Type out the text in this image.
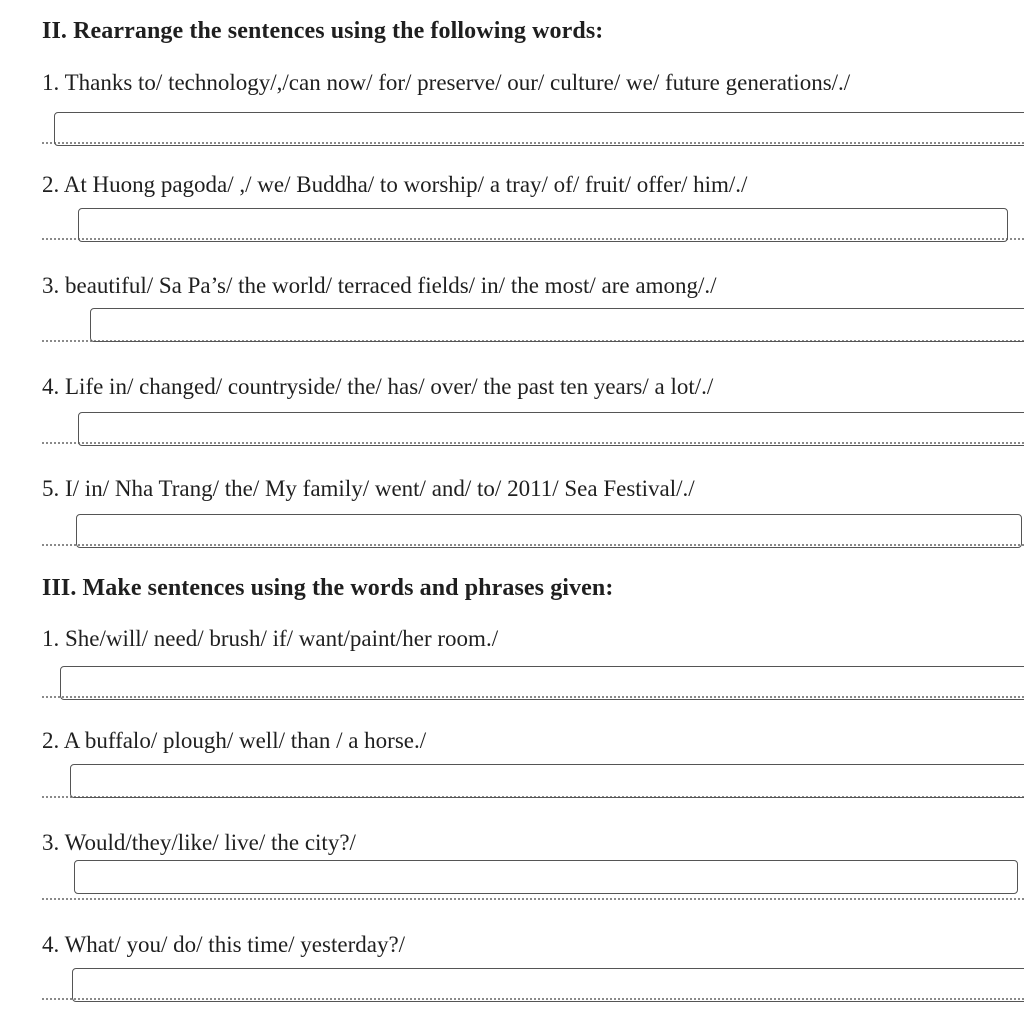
II. Rearrange the sentences using the following words:
1. Thanks to/ technology/,/can now/ for/ preserve/ our/ culture/ we/ future generations/./
2. At Huong pagoda/ ,/ we/ Buddha/ to worship/ a tray/ of/ fruit/ offer/ him/./
3. beautiful/ Sa Pa’s/ the world/ terraced fields/ in/ the most/ are among/./
4. Life in/ changed/ countryside/ the/ has/ over/ the past ten years/ a lot/./
5. I/ in/ Nha Trang/ the/ My family/ went/ and/ to/ 2011/ Sea Festival/./
III. Make sentences using the words and phrases given:
1. She/will/ need/ brush/ if/ want/paint/her room./
2. A buffalo/ plough/ well/ than / a horse./
3. Would/they/like/ live/ the city?/
4. What/ you/ do/ this time/ yesterday?/
